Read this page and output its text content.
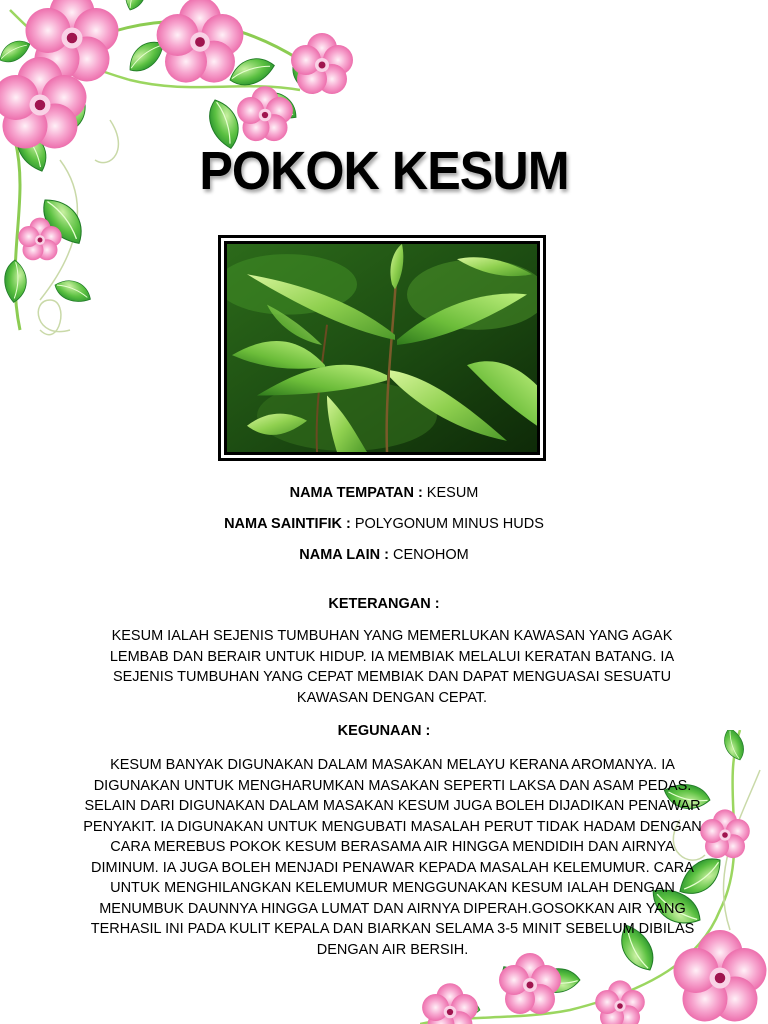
POKOK KESUM
NAMA TEMPATAN : KESUM
NAMA SAINTIFIK : POLYGONUM MINUS HUDS
NAMA LAIN : CENOHOM
KETERANGAN :

KESUM IALAH SEJENIS TUMBUHAN YANG MEMERLUKAN KAWASAN YANG AGAK LEMBAB DAN BERAIR UNTUK HIDUP. IA MEMBIAK MELALUI KERATAN BATANG. IA SEJENIS TUMBUHAN YANG CEPAT MEMBIAK DAN DAPAT MENGUASAI SESUATU KAWASAN DENGAN CEPAT.

KEGUNAAN :

KESUM BANYAK DIGUNAKAN DALAM MASAKAN MELAYU KERANA AROMANYA. IA DIGUNAKAN UNTUK MENGHARUMKAN MASAKAN SEPERTI LAKSA DAN ASAM PEDAS. SELAIN DARI DIGUNAKAN DALAM MASAKAN KESUM JUGA BOLEH DIJADIKAN PENAWAR PENYAKIT. IA DIGUNAKAN UNTUK MENGUBATI MASALAH PERUT TIDAK HADAM DENGAN CARA MEREBUS POKOK KESUM BERASAMA AIR HINGGA MENDIDIH DAN AIRNYA DIMINUM. IA JUGA BOLEH MENJADI PENAWAR KEPADA MASALAH KELEMUMUR. CARA UNTUK MENGHILANGKAN KELEMUMUR MENGGUNAKAN KESUM IALAH DENGAN MENUMBUK DAUNNYA HINGGA LUMAT DAN AIRNYA DIPERAH.GOSOKKAN AIR YANG TERHASIL INI PADA KULIT KEPALA DAN BIARKAN SELAMA 3-5 MINIT SEBELUM DIBILAS DENGAN AIR BERSIH.
